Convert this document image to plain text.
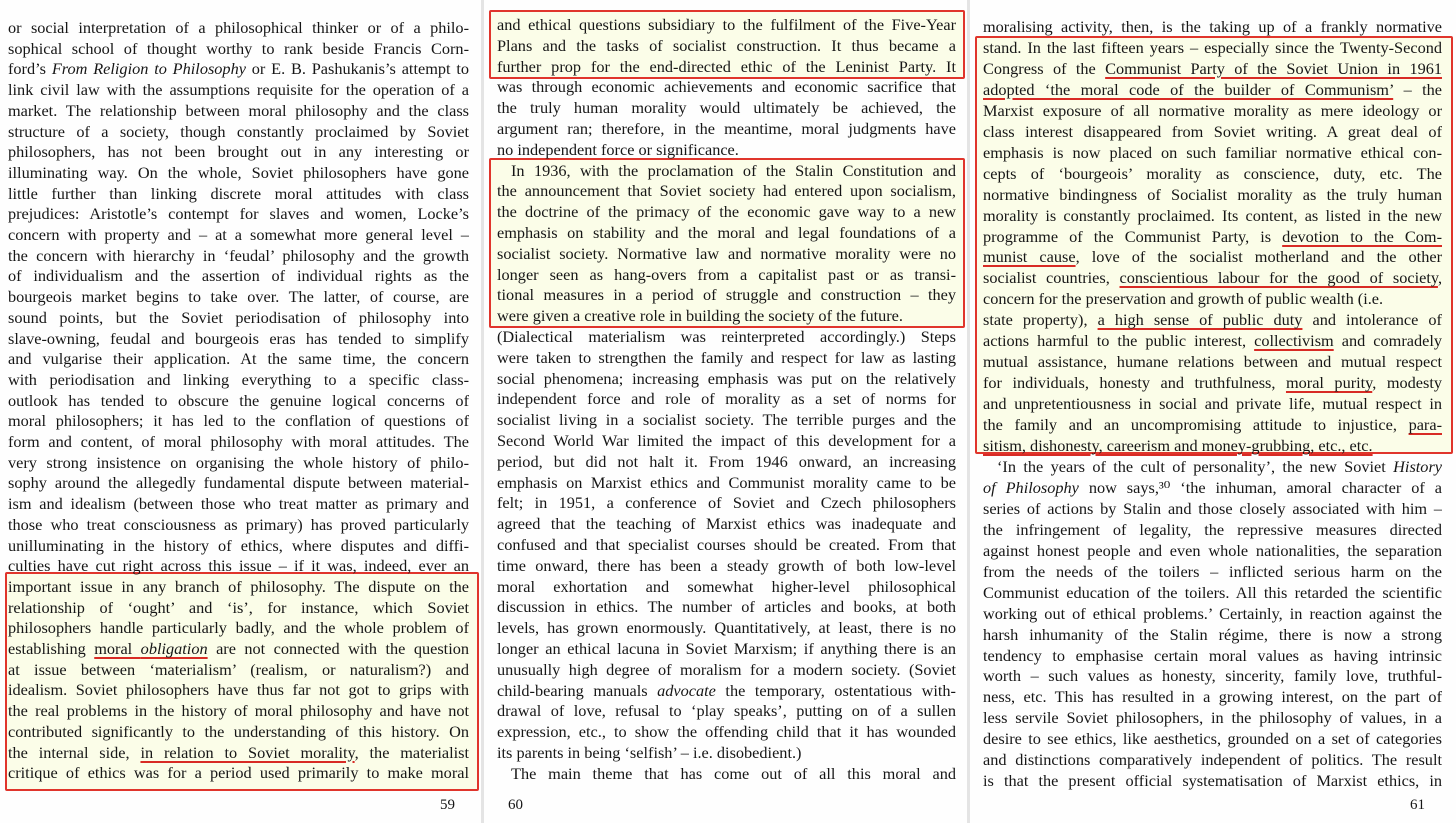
or social interpretation of a philosophical thinker or of a philo-
sophical school of thought worthy to rank beside Francis Corn-
ford’s From Religion to Philosophy or E. B. Pashukanis’s attempt to
link civil law with the assumptions requisite for the operation of a
market. The relationship between moral philosophy and the class
structure of a society, though constantly proclaimed by Soviet
philosophers, has not been brought out in any interesting or
illuminating way. On the whole, Soviet philosophers have gone
little further than linking discrete moral attitudes with class
prejudices: Aristotle’s contempt for slaves and women, Locke’s
concern with property and – at a somewhat more general level –
the concern with hierarchy in ‘feudal’ philosophy and the growth
of individualism and the assertion of individual rights as the
bourgeois market begins to take over. The latter, of course, are
sound points, but the Soviet periodisation of philosophy into
slave-owning, feudal and bourgeois eras has tended to simplify
and vulgarise their application. At the same time, the concern
with periodisation and linking everything to a specific class-
outlook has tended to obscure the genuine logical concerns of
moral philosophers; it has led to the conflation of questions of
form and content, of moral philosophy with moral attitudes. The
very strong insistence on organising the whole history of philo-
sophy around the allegedly fundamental dispute between material-
ism and idealism (between those who treat matter as primary and
those who treat consciousness as primary) has proved particularly
unilluminating in the history of ethics, where disputes and diffi-
culties have cut right across this issue – if it was, indeed, ever an
important issue in any branch of philosophy. The dispute on the
relationship of ‘ought’ and ‘is’, for instance, which Soviet
philosophers handle particularly badly, and the whole problem of
establishing moral obligation are not connected with the question
at issue between ‘materialism’ (realism, or naturalism?) and
idealism. Soviet philosophers have thus far not got to grips with
the real problems in the history of moral philosophy and have not
contributed significantly to the understanding of this history. On
the internal side, in relation to Soviet morality, the materialist
critique of ethics was for a period used primarily to make moral
59
and ethical questions subsidiary to the fulfilment of the Five-Year
Plans and the tasks of socialist construction. It thus became a
further prop for the end-directed ethic of the Leninist Party. It
was through economic achievements and economic sacrifice that
the truly human morality would ultimately be achieved, the
argument ran; therefore, in the meantime, moral judgments have
no independent force or significance.
In 1936, with the proclamation of the Stalin Constitution and
the announcement that Soviet society had entered upon socialism,
the doctrine of the primacy of the economic gave way to a new
emphasis on stability and the moral and legal foundations of a
socialist society. Normative law and normative morality were no
longer seen as hang-overs from a capitalist past or as transi-
tional measures in a period of struggle and construction – they
were given a creative role in building the society of the future.
(Dialectical materialism was reinterpreted accordingly.) Steps
were taken to strengthen the family and respect for law as lasting
social phenomena; increasing emphasis was put on the relatively
independent force and role of morality as a set of norms for
socialist living in a socialist society. The terrible purges and the
Second World War limited the impact of this development for a
period, but did not halt it. From 1946 onward, an increasing
emphasis on Marxist ethics and Communist morality came to be
felt; in 1951, a conference of Soviet and Czech philosophers
agreed that the teaching of Marxist ethics was inadequate and
confused and that specialist courses should be created. From that
time onward, there has been a steady growth of both low-level
moral exhortation and somewhat higher-level philosophical
discussion in ethics. The number of articles and books, at both
levels, has grown enormously. Quantitatively, at least, there is no
longer an ethical lacuna in Soviet Marxism; if anything there is an
unusually high degree of moralism for a modern society. (Soviet
child-bearing manuals advocate the temporary, ostentatious with-
drawal of love, refusal to ‘play speaks’, putting on of a sullen
expression, etc., to show the offending child that it has wounded
its parents in being ‘selfish’ – i.e. disobedient.)
The main theme that has come out of all this moral and
60
moralising activity, then, is the taking up of a frankly normative
stand. In the last fifteen years – especially since the Twenty-Second
Congress of the Communist Party of the Soviet Union in 1961
adopted ‘the moral code of the builder of Communism’ – the
Marxist exposure of all normative morality as mere ideology or
class interest disappeared from Soviet writing. A great deal of
emphasis is now placed on such familiar normative ethical con-
cepts of ‘bourgeois’ morality as conscience, duty, etc. The
normative bindingness of Socialist morality as the truly human
morality is constantly proclaimed. Its content, as listed in the new
programme of the Communist Party, is devotion to the Com-
munist cause, love of the socialist motherland and the other
socialist countries, conscientious labour for the good of society,
concern for the preservation and growth of public wealth (i.e.
state property), a high sense of public duty and intolerance of
actions harmful to the public interest, collectivism and comradely
mutual assistance, humane relations between and mutual respect
for individuals, honesty and truthfulness, moral purity, modesty
and unpretentiousness in social and private life, mutual respect in
the family and an uncompromising attitude to injustice, para-
sitism, dishonesty, careerism and money-grubbing, etc., etc.
‘In the years of the cult of personality’, the new Soviet History
of Philosophy now says,³⁰ ‘the inhuman, amoral character of a
series of actions by Stalin and those closely associated with him –
the infringement of legality, the repressive measures directed
against honest people and even whole nationalities, the separation
from the needs of the toilers – inflicted serious harm on the
Communist education of the toilers. All this retarded the scientific
working out of ethical problems.’ Certainly, in reaction against the
harsh inhumanity of the Stalin régime, there is now a strong
tendency to emphasise certain moral values as having intrinsic
worth – such values as honesty, sincerity, family love, truthful-
ness, etc. This has resulted in a growing interest, on the part of
less servile Soviet philosophers, in the philosophy of values, in a
desire to see ethics, like aesthetics, grounded on a set of categories
and distinctions comparatively independent of politics. The result
is that the present official systematisation of Marxist ethics, in
61
